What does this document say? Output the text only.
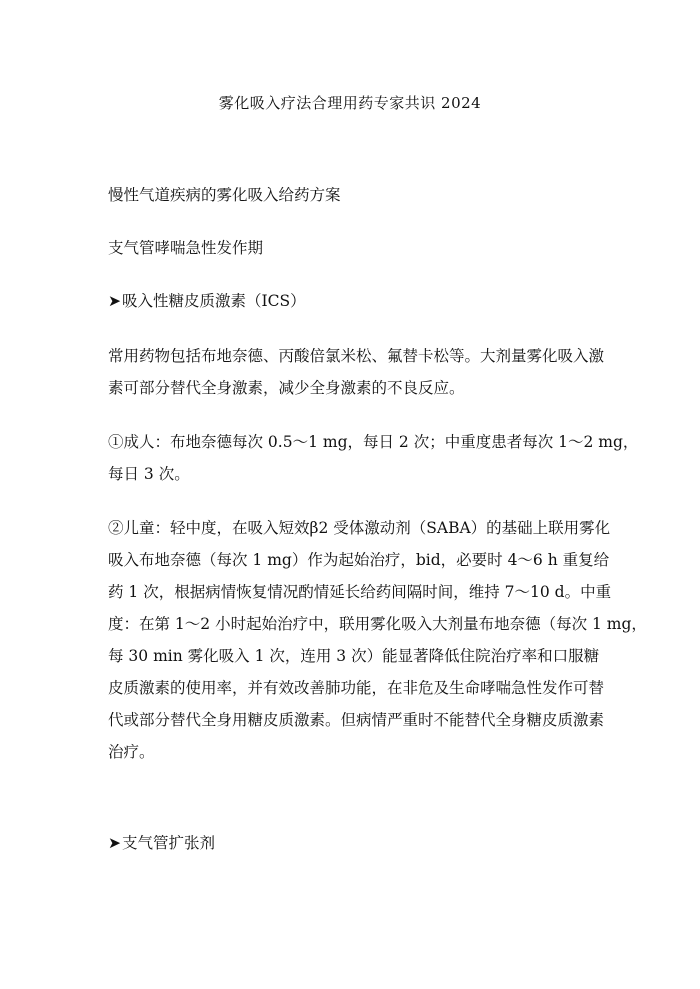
雾化吸入疗法合理用药专家共识 2024
慢性气道疾病的雾化吸入给药方案
支气管哮喘急性发作期
➤吸入性糖皮质激素（ICS）
常用药物包括布地奈德、丙酸倍氯米松、氟替卡松等。大剂量雾化吸入激
素可部分替代全身激素，减少全身激素的不良反应。
①成人：布地奈德每次 0.5～1 mg，每日 2 次；中重度患者每次 1～2 mg，
每日 3 次。
②儿童：轻中度，在吸入短效β2 受体激动剂（SABA）的基础上联用雾化
吸入布地奈德（每次 1 mg）作为起始治疗，bid，必要时 4～6 h 重复给
药 1 次，根据病情恢复情况酌情延长给药间隔时间，维持 7～10 d。中重
度：在第 1～2 小时起始治疗中，联用雾化吸入大剂量布地奈德（每次 1 mg，
每 30 min 雾化吸入 1 次，连用 3 次）能显著降低住院治疗率和口服糖
皮质激素的使用率，并有效改善肺功能，在非危及生命哮喘急性发作可替
代或部分替代全身用糖皮质激素。但病情严重时不能替代全身糖皮质激素
治疗。
➤支气管扩张剂
